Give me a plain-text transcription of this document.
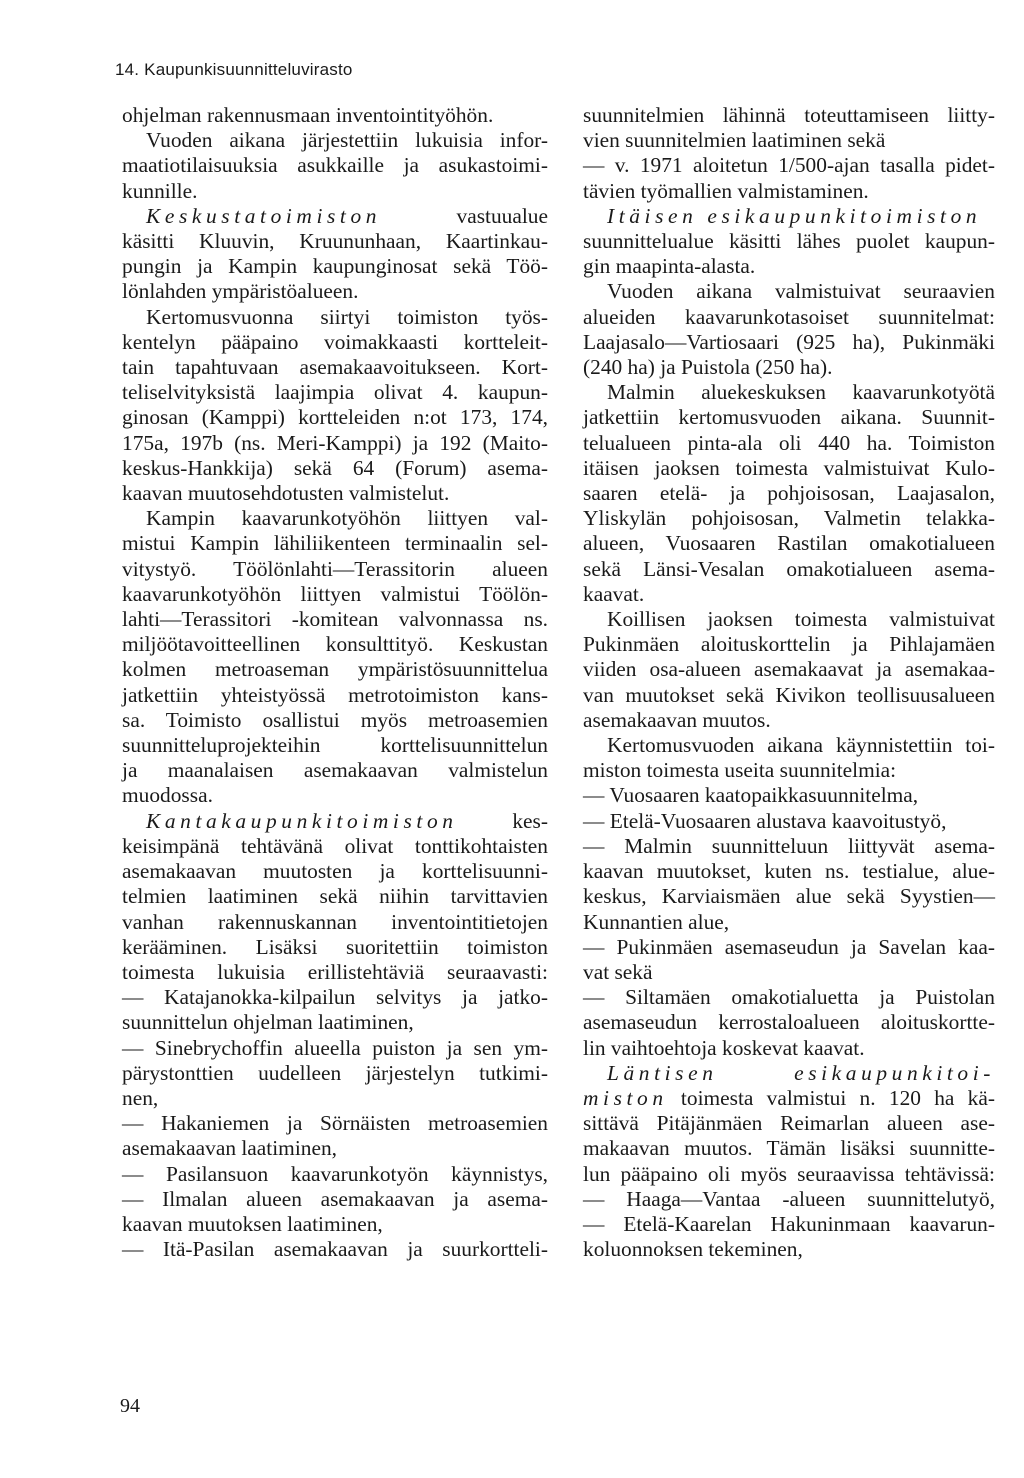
14. Kaupunkisuunnitteluvirasto
ohjelman rakennusmaan inventointityöhön.
Vuoden aikana järjestettiin lukuisia infor-
maatiotilaisuuksia asukkaille ja asukastoimi-
kunnille.
Keskustatoimiston vastuualue
käsitti Kluuvin, Kruununhaan, Kaartinkau-
pungin ja Kampin kaupunginosat sekä Töö-
lönlahden ympäristöalueen.
Kertomusvuonna siirtyi toimiston työs-
kentelyn pääpaino voimakkaasti kortteleit-
tain tapahtuvaan asemakaavoitukseen. Kort-
teliselvityksistä laajimpia olivat 4. kaupun-
ginosan (Kamppi) kortteleiden n:ot 173, 174,
175a, 197b (ns. Meri-Kamppi) ja 192 (Maito-
keskus-Hankkija) sekä 64 (Forum) asema-
kaavan muutosehdotusten valmistelut.
Kampin kaavarunkotyöhön liittyen val-
mistui Kampin lähiliikenteen terminaalin sel-
vitystyö. Töölönlahti—Terassitorin alueen
kaavarunkotyöhön liittyen valmistui Töölön-
lahti—Terassitori -komitean valvonnassa ns.
miljöötavoitteellinen konsulttityö. Keskustan
kolmen metroaseman ympäristösuunnittelua
jatkettiin yhteistyössä metrotoimiston kans-
sa. Toimisto osallistui myös metroasemien
suunnitteluprojekteihin korttelisuunnittelun
ja maanalaisen asemakaavan valmistelun
muodossa.
Kantakaupunkitoimiston kes-
keisimpänä tehtävänä olivat tonttikohtaisten
asemakaavan muutosten ja korttelisuunni-
telmien laatiminen sekä niihin tarvittavien
vanhan rakennuskannan inventointitietojen
kerääminen. Lisäksi suoritettiin toimiston
toimesta lukuisia erillistehtäviä seuraavasti:
— Katajanokka-kilpailun selvitys ja jatko-
suunnittelun ohjelman laatiminen,
— Sinebrychoffin alueella puiston ja sen ym-
pärystonttien uudelleen järjestelyn tutkimi-
nen,
— Hakaniemen ja Sörnäisten metroasemien
asemakaavan laatiminen,
— Pasilansuon kaavarunkotyön käynnistys,
— Ilmalan alueen asemakaavan ja asema-
kaavan muutoksen laatiminen,
— Itä-Pasilan asemakaavan ja suurkortteli-
suunnitelmien lähinnä toteuttamiseen liitty-
vien suunnitelmien laatiminen sekä
— v. 1971 aloitetun 1/500-ajan tasalla pidet-
tävien työmallien valmistaminen.
Itäisen esikaupunkitoimiston
suunnittelualue käsitti lähes puolet kaupun-
gin maapinta-alasta.
Vuoden aikana valmistuivat seuraavien
alueiden kaavarunkotasoiset suunnitelmat:
Laajasalo—Vartiosaari (925 ha), Pukinmäki
(240 ha) ja Puistola (250 ha).
Malmin aluekeskuksen kaavarunkotyötä
jatkettiin kertomusvuoden aikana. Suunnit-
telualueen pinta-ala oli 440 ha. Toimiston
itäisen jaoksen toimesta valmistuivat Kulo-
saaren etelä- ja pohjoisosan, Laajasalon,
Yliskylän pohjoisosan, Valmetin telakka-
alueen, Vuosaaren Rastilan omakotialueen
sekä Länsi-Vesalan omakotialueen asema-
kaavat.
Koillisen jaoksen toimesta valmistuivat
Pukinmäen aloituskorttelin ja Pihlajamäen
viiden osa-alueen asemakaavat ja asemakaa-
van muutokset sekä Kivikon teollisuusalueen
asemakaavan muutos.
Kertomusvuoden aikana käynnistettiin toi-
miston toimesta useita suunnitelmia:
— Vuosaaren kaatopaikkasuunnitelma,
— Etelä-Vuosaaren alustava kaavoitustyö,
— Malmin suunnitteluun liittyvät asema-
kaavan muutokset, kuten ns. testialue, alue-
keskus, Karviaismäen alue sekä Syystien—
Kunnantien alue,
— Pukinmäen asemaseudun ja Savelan kaa-
vat sekä
— Siltamäen omakotialuetta ja Puistolan
asemaseudun kerrostaloalueen aloituskortte-
lin vaihtoehtoja koskevat kaavat.
Läntisen esikaupunkitoi-
miston toimesta valmistui n. 120 ha kä-
sittävä Pitäjänmäen Reimarlan alueen ase-
makaavan muutos. Tämän lisäksi suunnitte-
lun pääpaino oli myös seuraavissa tehtävissä:
— Haaga—Vantaa -alueen suunnittelutyö,
— Etelä-Kaarelan Hakuninmaan kaavarun-
koluonnoksen tekeminen,
94
